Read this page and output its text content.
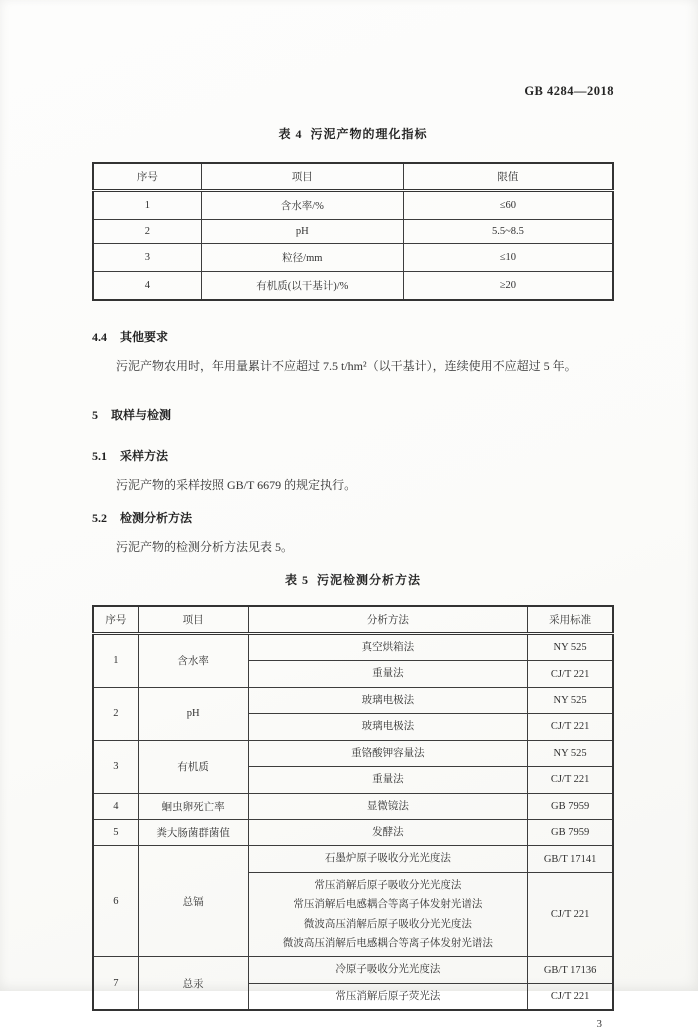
GB 4284—2018
表 4  污泥产物的理化指标
序号	项目	限值
1	含水率/%	≤60
2	pH	5.5~8.5
3	粒径/mm	≤10
4	有机质(以干基计)/%	≥20
4.4 其他要求

污泥产物农用时，年用量累计不应超过 7.5 t/hm²（以干基计），连续使用不应超过 5 年。

5 取样与检测
5.1 采样方法

污泥产物的采样按照 GB/T 6679 的规定执行。

5.2 检测分析方法

污泥产物的检测分析方法见表 5。

表 5  污泥检测分析方法
序号	项目	分析方法	采用标准
1	含水率	真空烘箱法	NY 525

		重量法	CJ/T 221
2	pH	玻璃电极法	NY 525

		玻璃电极法	CJ/T 221
3	有机质	重铬酸钾容量法	NY 525

		重量法	CJ/T 221
4	蛔虫卵死亡率	显微镜法	GB 7959
5	粪大肠菌群菌值	发酵法	GB 7959
6	总镉	石墨炉原子吸收分光光度法	GB/T 17141

		常压消解后原子吸收分光光度法
常压消解后电感耦合等离子体发射光谱法
微波高压消解后原子吸收分光光度法
微波高压消解后电感耦合等离子体发射光谱法	CJ/T 221
7	总汞	冷原子吸收分光光度法	GB/T 17136

		常压消解后原子荧光法	CJ/T 221
3
